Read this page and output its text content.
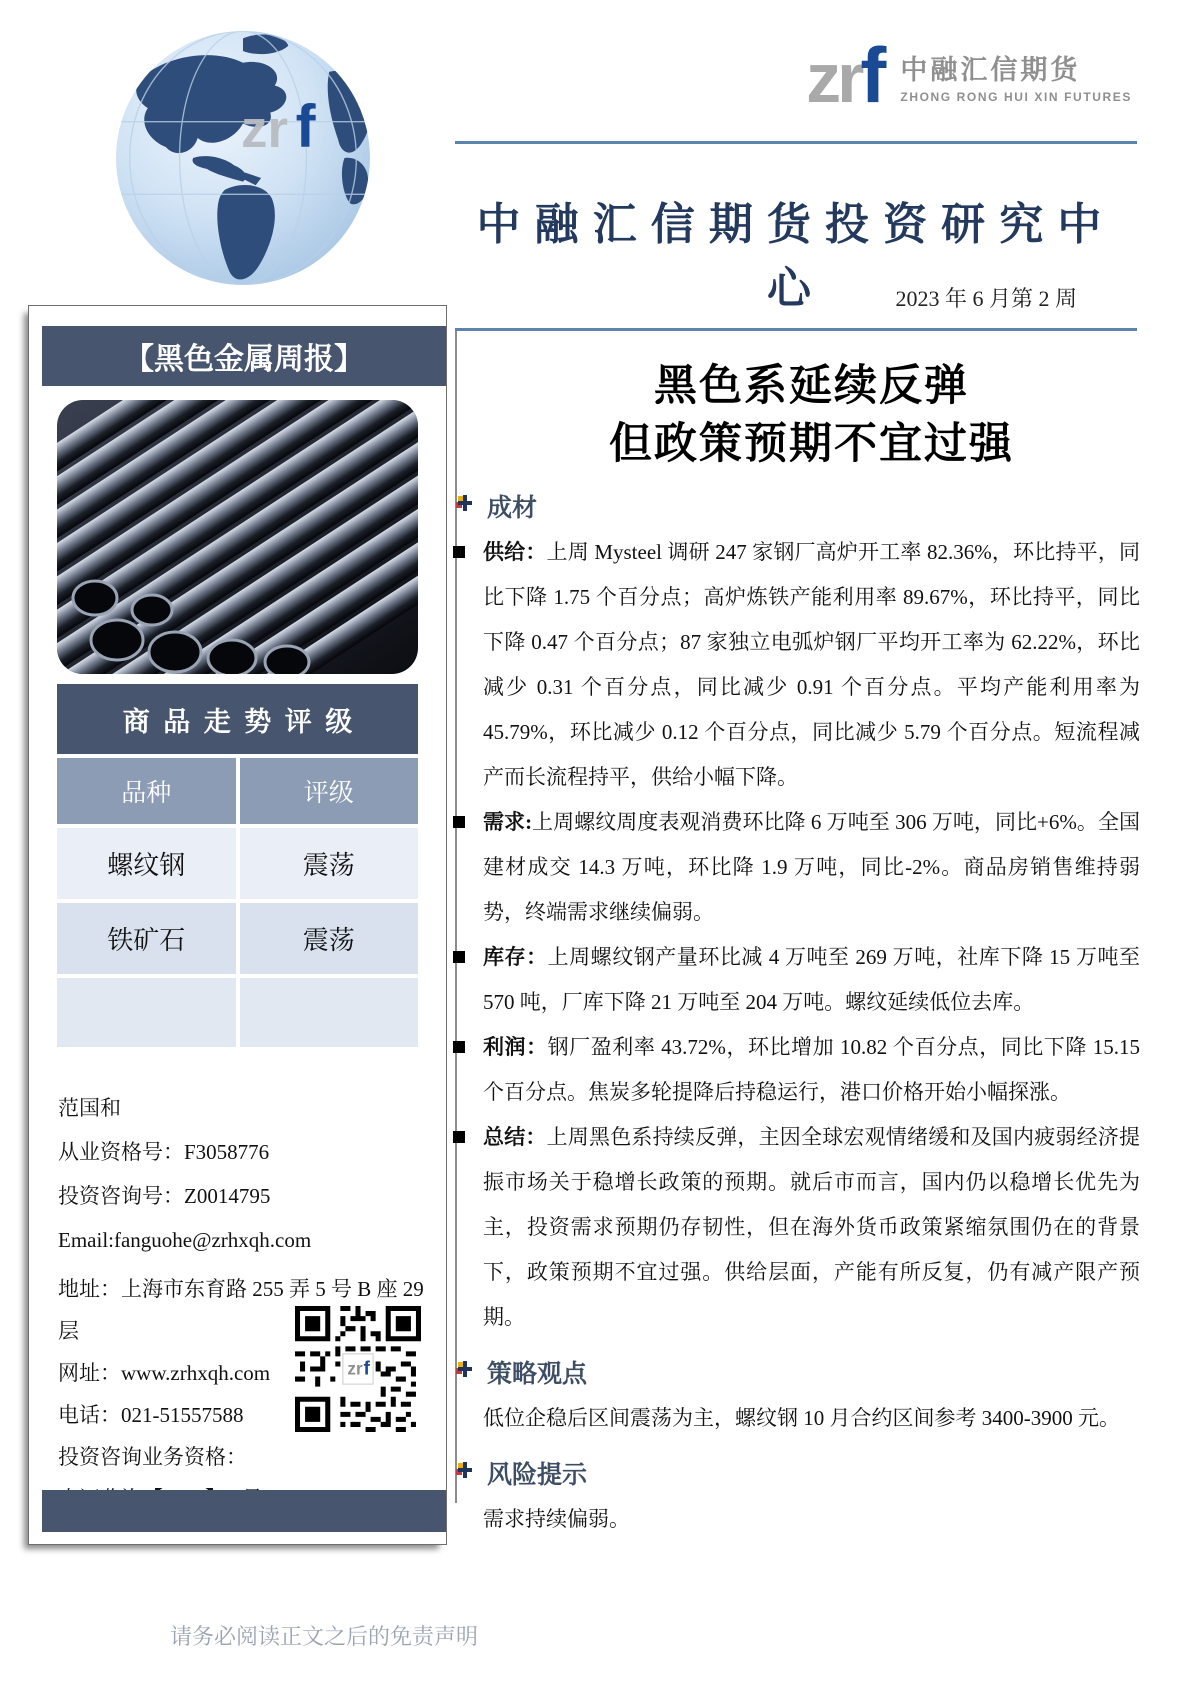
zr f
zrf 中融汇信期货
ZHONG RONG HUI XIN FUTURES
中融汇信期货投资研究中心	2023 年 6 月第 2 周
【黑色金属周报】
商品走势评级
品种	评级
螺纹钢	震荡
铁矿石	震荡
范国和
从业资格号：F3058776
投资咨询号：Z0014795
Email:fanguohe@zrhxqh.com
地址：上海市东育路 255 弄 5 号 B 座 29 层
网址：www.zrhxqh.com
电话：021-51557588
投资咨询业务资格：
zr f
黑色系延续反弹
但政策预期不宜过强
成材
供给：上周 Mysteel 调研 247 家钢厂高炉开工率 82.36%，环比持平，同比下降 1.75 个百分点；高炉炼铁产能利用率 89.67%，环比持平，同比下降 0.47 个百分点；87 家独立电弧炉钢厂平均开工率为 62.22%，环比减少 0.31 个百分点，同比减少 0.91 个百分点。平均产能利用率为 45.79%，环比减少 0.12 个百分点，同比减少 5.79 个百分点。短流程减产而长流程持平，供给小幅下降。
需求:上周螺纹周度表观消费环比降 6 万吨至 306 万吨，同比+6%。全国建材成交 14.3 万吨，环比降 1.9 万吨，同比-2%。商品房销售维持弱势，终端需求继续偏弱。
库存：上周螺纹钢产量环比减 4 万吨至 269 万吨，社库下降 15 万吨至 570 吨，厂库下降 21 万吨至 204 万吨。螺纹延续低位去库。
利润：钢厂盈利率 43.72%，环比增加 10.82 个百分点，同比下降 15.15 个百分点。焦炭多轮提降后持稳运行，港口价格开始小幅探涨。
总结：上周黑色系持续反弹，主因全球宏观情绪缓和及国内疲弱经济提振市场关于稳增长政策的预期。就后市而言，国内仍以稳增长优先为主，投资需求预期仍存韧性，但在海外货币政策紧缩氛围仍在的背景下，政策预期不宜过强。供给层面，产能有所反复，仍有减产限产预期。
策略观点
低位企稳后区间震荡为主，螺纹钢 10 月合约区间参考 3400-3900 元。
风险提示
需求持续偏弱。
请务必阅读正文之后的免责声明
